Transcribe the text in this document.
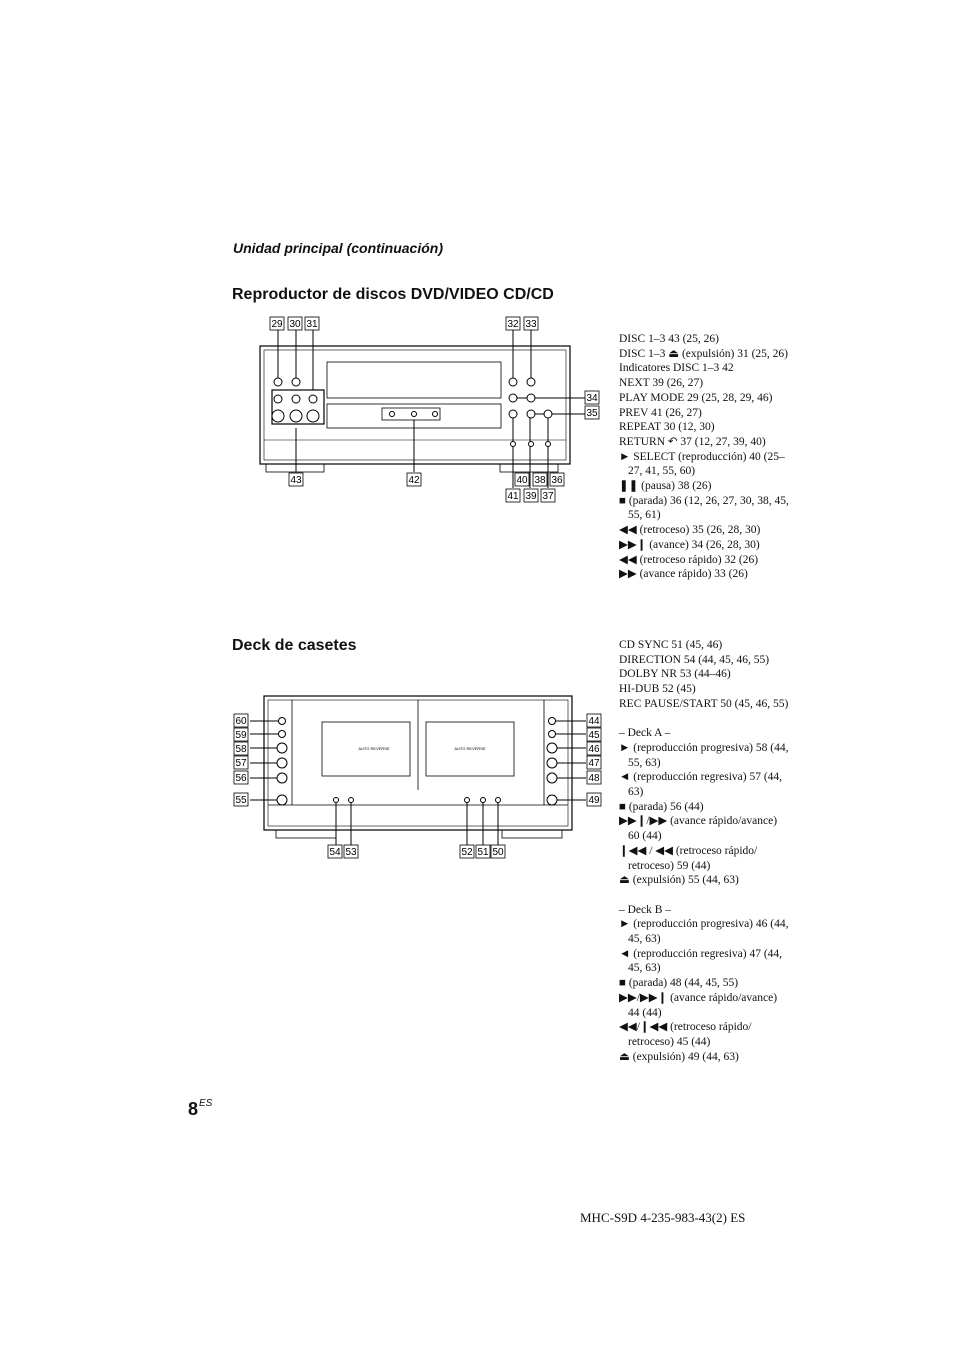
Unidad principal (continuación)
Reproductor de discos DVD/VIDEO CD/CD
29 30 31	32 33
34
35
36
43	42	40 38
41 39 37
DISC 1–3 43 (25, 26)
DISC 1–3 ⏏ (expulsión) 31 (25, 26)
Indicatores DISC 1–3 42
NEXT 39 (26, 27)
PLAY MODE 29 (25, 28, 29, 46)
PREV 41 (26, 27)
REPEAT 30 (12, 30)
RETURN ↶ 37 (12, 27, 39, 40)
► SELECT (reproducción) 40 (25–27, 41, 55, 60)
❚❚ (pausa) 38 (26)
■ (parada) 36 (12, 26, 27, 30, 38, 45, 55, 61)
◀◀ (retroceso) 35 (26, 28, 30)
▶▶❙ (avance) 34 (26, 28, 30)
◀◀ (retroceso rápido) 32 (26)
▶▶ (avance rápido) 33 (26)
Deck de casetes
AUTO REVERSE	AUTO REVERSE
60
59
58
57
56
55
44
45
46
47
48
49
54 53	52 51 50
CD SYNC 51 (45, 46)
DIRECTION 54 (44, 45, 46, 55)
DOLBY NR 53 (44–46)
HI-DUB 52 (45)
REC PAUSE/START 50 (45, 46, 55)
– Deck A –
► (reproducción progresiva) 58 (44, 55, 63)
◄ (reproducción regresiva) 57 (44, 63)
■ (parada) 56 (44)
▶▶❙/▶▶ (avance rápido/avance) 60 (44)
❙◀◀ / ◀◀ (retroceso rápido/ retroceso) 59 (44)
⏏ (expulsión) 55 (44, 63)
– Deck B –
► (reproducción progresiva) 46 (44, 45, 63)
◄ (reproducción regresiva) 47 (44, 45, 63)
■ (parada) 48 (44, 45, 55)
▶▶/▶▶❙ (avance rápido/avance) 44 (44)
◀◀/❙◀◀ (retroceso rápido/ retroceso) 45 (44)
⏏ (expulsión) 49 (44, 63)
$8^{ES}$
MHC-S9D 4-235-983-43(2) ES
